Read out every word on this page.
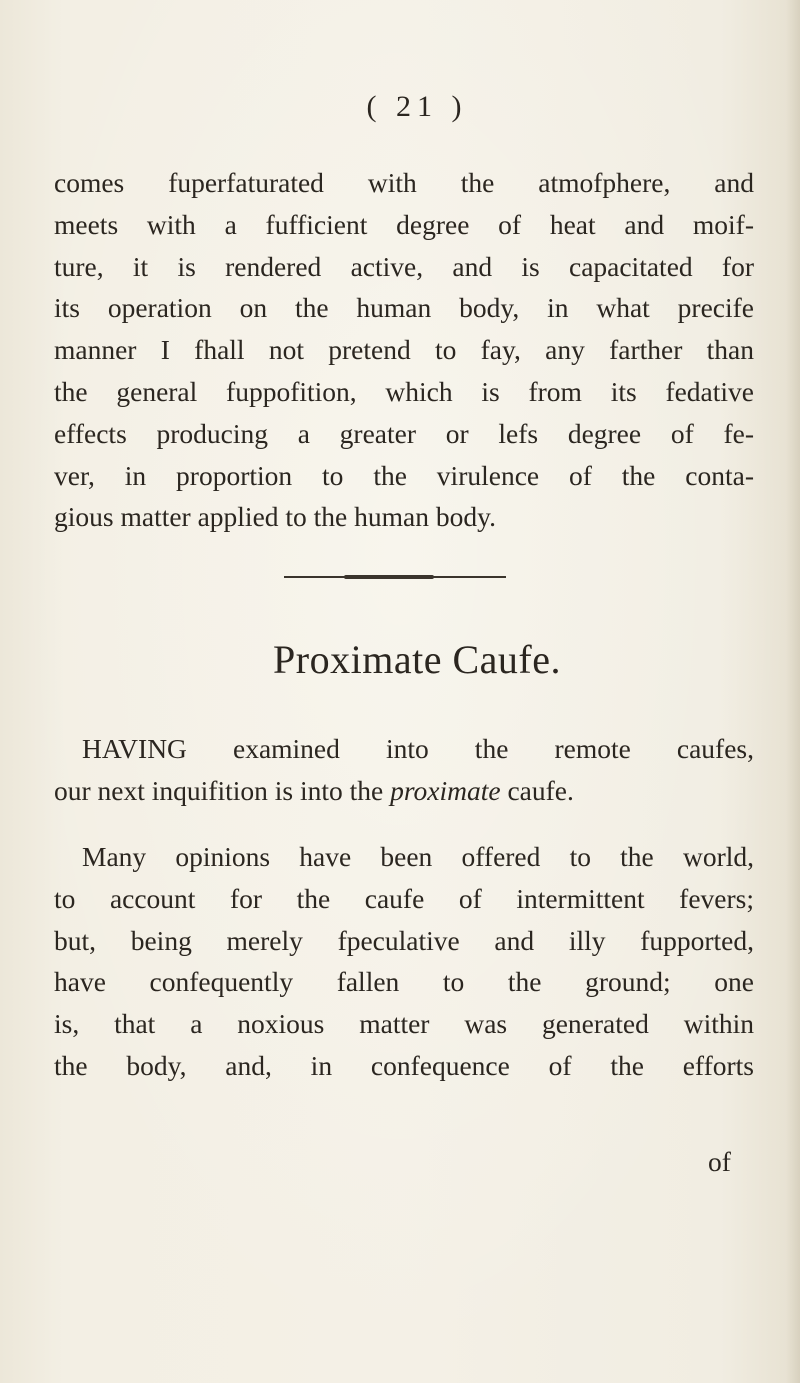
( 21 )
comes fuperfaturated with the atmofphere, and
meets with a fufficient degree of heat and moif-
ture, it is rendered active, and is capacitated for
its operation on the human body, in what precife
manner I fhall not pretend to fay, any farther than
the general fuppofition, which is from its fedative
effects producing a greater or lefs degree of fe-
ver, in proportion to the virulence of the conta-
gious matter applied to the human body.
Proximate Caufe.
HAVING examined into the remote caufes,
our next inquifition is into the proximate caufe.
Many opinions have been offered to the world,
to account for the caufe of intermittent fevers;
but, being merely fpeculative and illy fupported,
have confequently fallen to the ground; one
is, that a noxious matter was generated within
the body, and, in confequence of the efforts
of
